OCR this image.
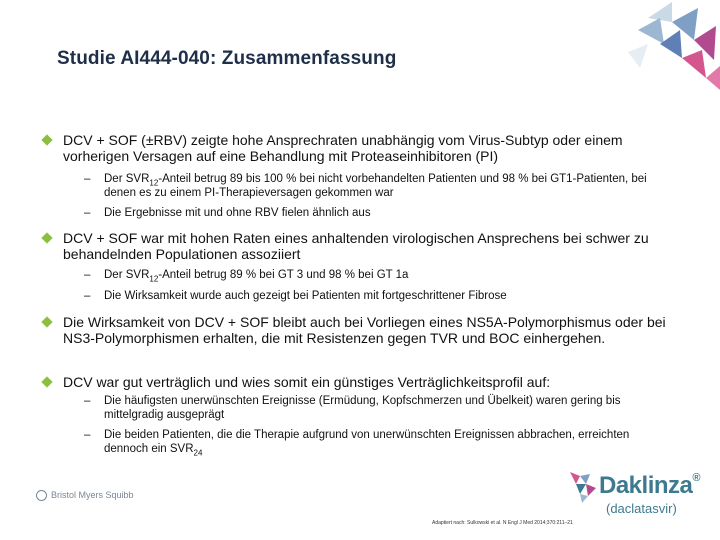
Studie AI444-040: Zusammenfassung
DCV + SOF (±RBV) zeigte hohe Ansprechraten unabhängig vom Virus-Subtyp oder einem vorherigen Versagen auf eine Behandlung mit Proteaseinhibitoren (PI)
– Der $SVR_{12}$-Anteil betrug 89 bis 100 % bei nicht vorbehandelten Patienten und 98 % bei GT1-Patienten, bei denen es zu einem PI-Therapieversagen gekommen war
– Die Ergebnisse mit und ohne RBV fielen ähnlich aus
DCV + SOF war mit hohen Raten eines anhaltenden virologischen Ansprechens bei schwer zu behandelnden Populationen assoziiert
– Der $SVR_{12}$-Anteil betrug 89 % bei GT 3 und 98 % bei GT 1a
– Die Wirksamkeit wurde auch gezeigt bei Patienten mit fortgeschrittener Fibrose
Die Wirksamkeit von DCV + SOF bleibt auch bei Vorliegen eines NS5A-Polymorphismus oder bei NS3-Polymorphismen erhalten, die mit Resistenzen gegen TVR und BOC einhergehen.
DCV war gut verträglich und wies somit ein günstiges Verträglichkeitsprofil auf:
– Die häufigsten unerwünschten Ereignisse (Ermüdung, Kopfschmerzen und Übelkeit) waren gering bis mittelgradig ausgeprägt
– Die beiden Patienten, die die Therapie aufgrund von unerwünschten Ereignissen abbrachen, erreichten dennoch ein $SVR_{24}$
Bristol Myers Squibb	Daklinza®
(daclatasvir)
Adaptiert nach: Sulkowski et al. N Engl J Med 2014;370:211–21
